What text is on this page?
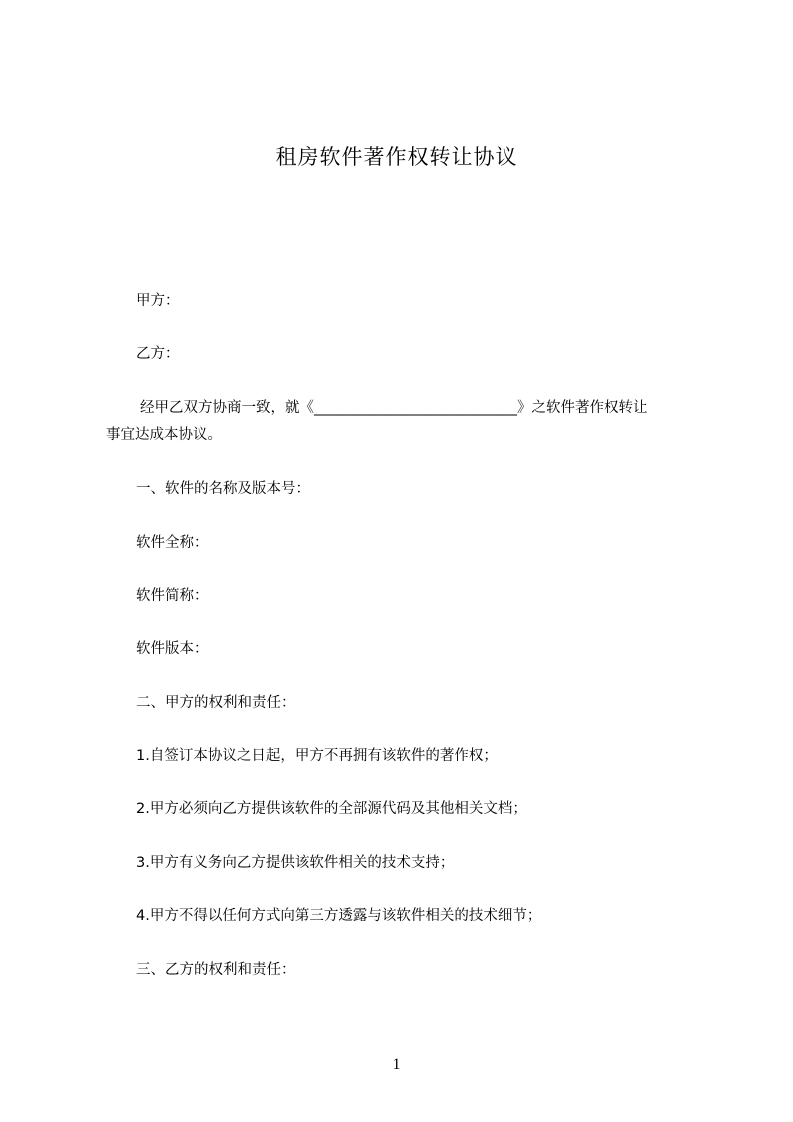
租房软件著作权转让协议
甲方：
乙方：
经甲乙双方协商一致，就《____________________________》之软件著作权转让
事宜达成本协议。
一、软件的名称及版本号：
软件全称：
软件简称：
软件版本：
二、甲方的权利和责任：
1.自签订本协议之日起，甲方不再拥有该软件的著作权；
2.甲方必须向乙方提供该软件的全部源代码及其他相关文档；
3.甲方有义务向乙方提供该软件相关的技术支持；
4.甲方不得以任何方式向第三方透露与该软件相关的技术细节；
三、乙方的权利和责任：
1
